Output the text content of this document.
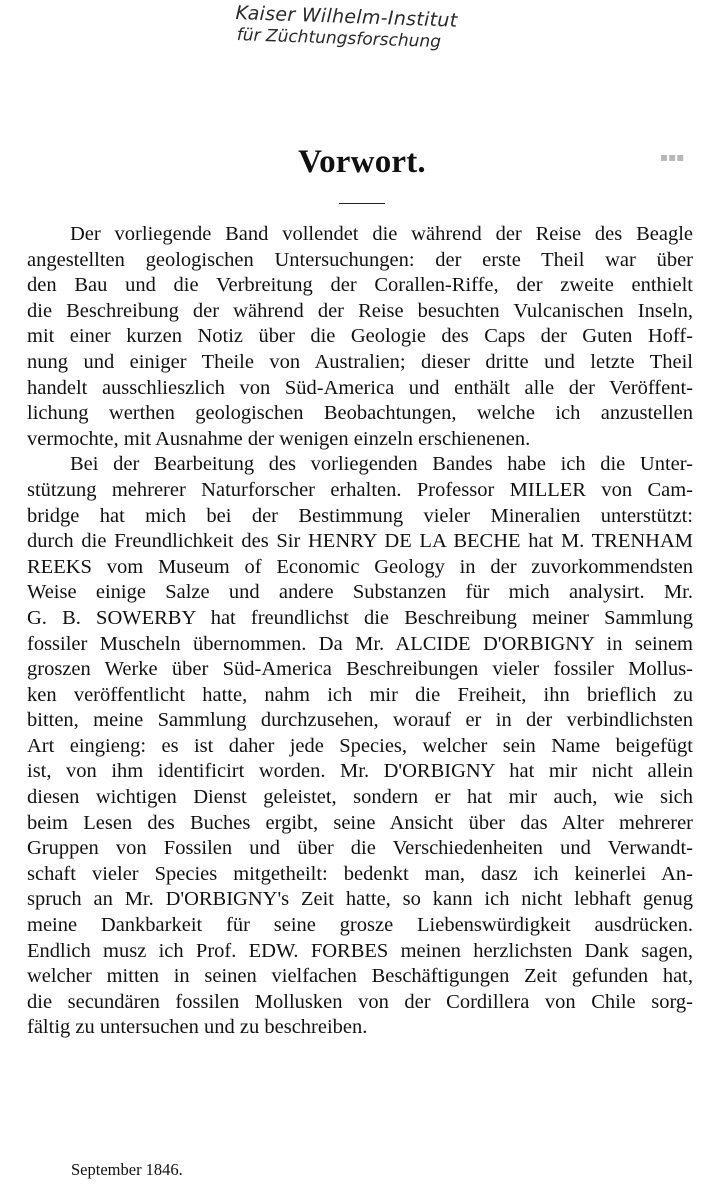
Kaiser Wilhelm-Institut
für Züchtungsforschung
▪▪▪
Vorwort.
Der vorliegende Band vollendet die während der Reise des Beagle
angestellten geologischen Untersuchungen: der erste Theil war über
den Bau und die Verbreitung der Corallen-Riffe, der zweite enthielt
die Beschreibung der während der Reise besuchten Vulcanischen Inseln,
mit einer kurzen Notiz über die Geologie des Caps der Guten Hoff-
nung und einiger Theile von Australien; dieser dritte und letzte Theil
handelt ausschlieszlich von Süd-America und enthält alle der Veröffent-
lichung werthen geologischen Beobachtungen, welche ich anzustellen
vermochte, mit Ausnahme der wenigen einzeln erschienenen.
Bei der Bearbeitung des vorliegenden Bandes habe ich die Unter-
stützung mehrerer Naturforscher erhalten. Professor MILLER von Cam-
bridge hat mich bei der Bestimmung vieler Mineralien unterstützt:
durch die Freundlichkeit des Sir HENRY DE LA BECHE hat M. TRENHAM
REEKS vom Museum of Economic Geology in der zuvorkommendsten
Weise einige Salze und andere Substanzen für mich analysirt. Mr.
G. B. SOWERBY hat freundlichst die Beschreibung meiner Sammlung
fossiler Muscheln übernommen. Da Mr. ALCIDE D'ORBIGNY in seinem
groszen Werke über Süd-America Beschreibungen vieler fossiler Mollus-
ken veröffentlicht hatte, nahm ich mir die Freiheit, ihn brieflich zu
bitten, meine Sammlung durchzusehen, worauf er in der verbindlichsten
Art eingieng: es ist daher jede Species, welcher sein Name beigefügt
ist, von ihm identificirt worden. Mr. D'ORBIGNY hat mir nicht allein
diesen wichtigen Dienst geleistet, sondern er hat mir auch, wie sich
beim Lesen des Buches ergibt, seine Ansicht über das Alter mehrerer
Gruppen von Fossilen und über die Verschiedenheiten und Verwandt-
schaft vieler Species mitgetheilt: bedenkt man, dasz ich keinerlei An-
spruch an Mr. D'ORBIGNY's Zeit hatte, so kann ich nicht lebhaft genug
meine Dankbarkeit für seine grosze Liebenswürdigkeit ausdrücken.
Endlich musz ich Prof. EDW. FORBES meinen herzlichsten Dank sagen,
welcher mitten in seinen vielfachen Beschäftigungen Zeit gefunden hat,
die secundären fossilen Mollusken von der Cordillera von Chile sorg-
fältig zu untersuchen und zu beschreiben.
September 1846.
